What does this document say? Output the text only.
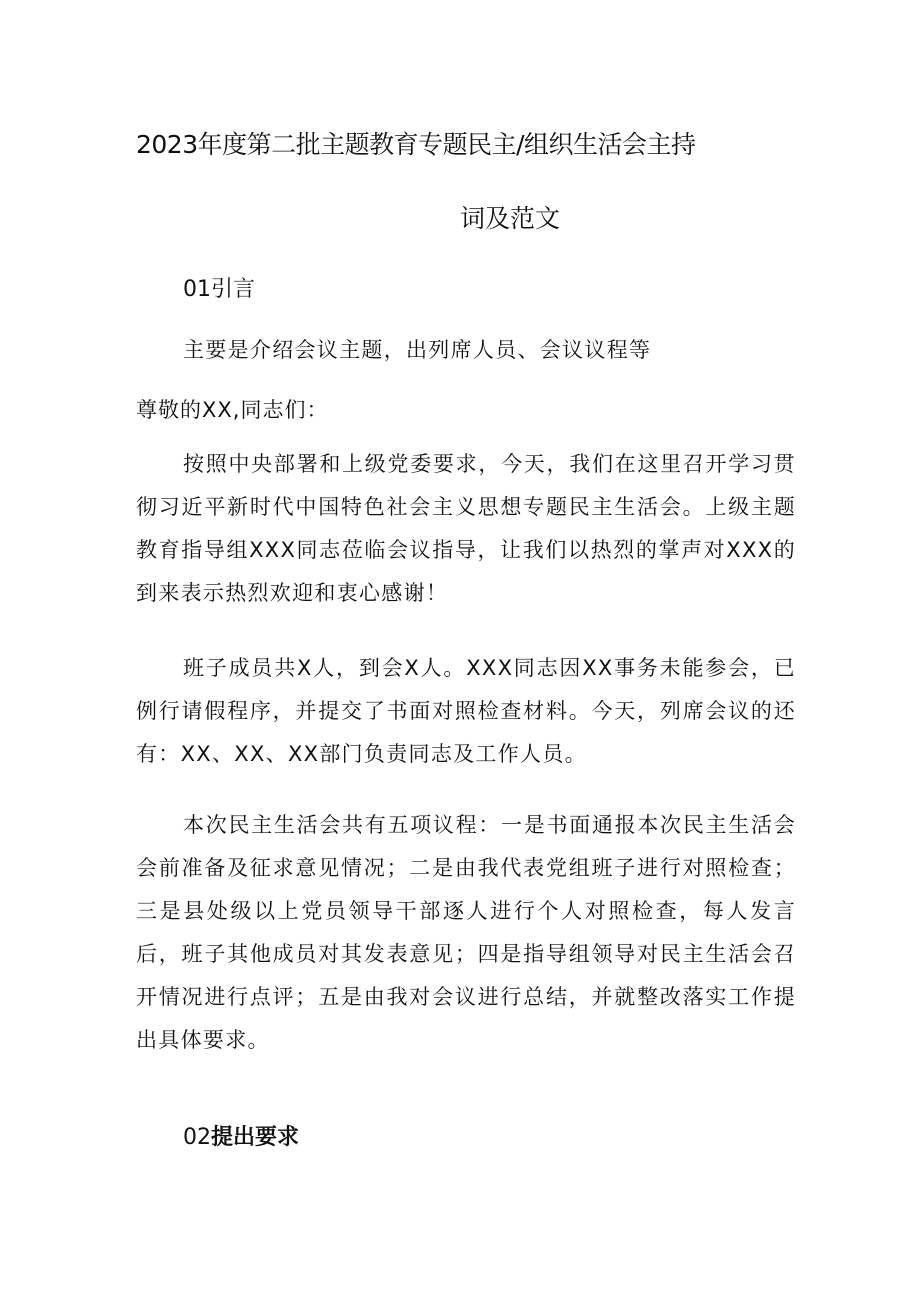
2023年度第二批主题教育专题民主/组织生活会主持
词及范文
01引言
主要是介绍会议主题，出列席人员、会议议程等
尊敬的XX,同志们：

按照中央部署和上级党委要求，今天，我们在这里召开学习贯彻习近平新时代中国特色社会主义思想专题民主生活会。上级主题教育指导组XXX同志莅临会议指导，让我们以热烈的掌声对XXX的到来表示热烈欢迎和衷心感谢！

班子成员共X人，到会X人。XXX同志因XX事务未能参会，已例行请假程序，并提交了书面对照检查材料。今天，列席会议的还有：XX、XX、XX部门负责同志及工作人员。

本次民主生活会共有五项议程：一是书面通报本次民主生活会会前准备及征求意见情况；二是由我代表党组班子进行对照检查；三是县处级以上党员领导干部逐人进行个人对照检查，每人发言后，班子其他成员对其发表意见；四是指导组领导对民主生活会召开情况进行点评；五是由我对会议进行总结，并就整改落实工作提出具体要求。

02提出要求
